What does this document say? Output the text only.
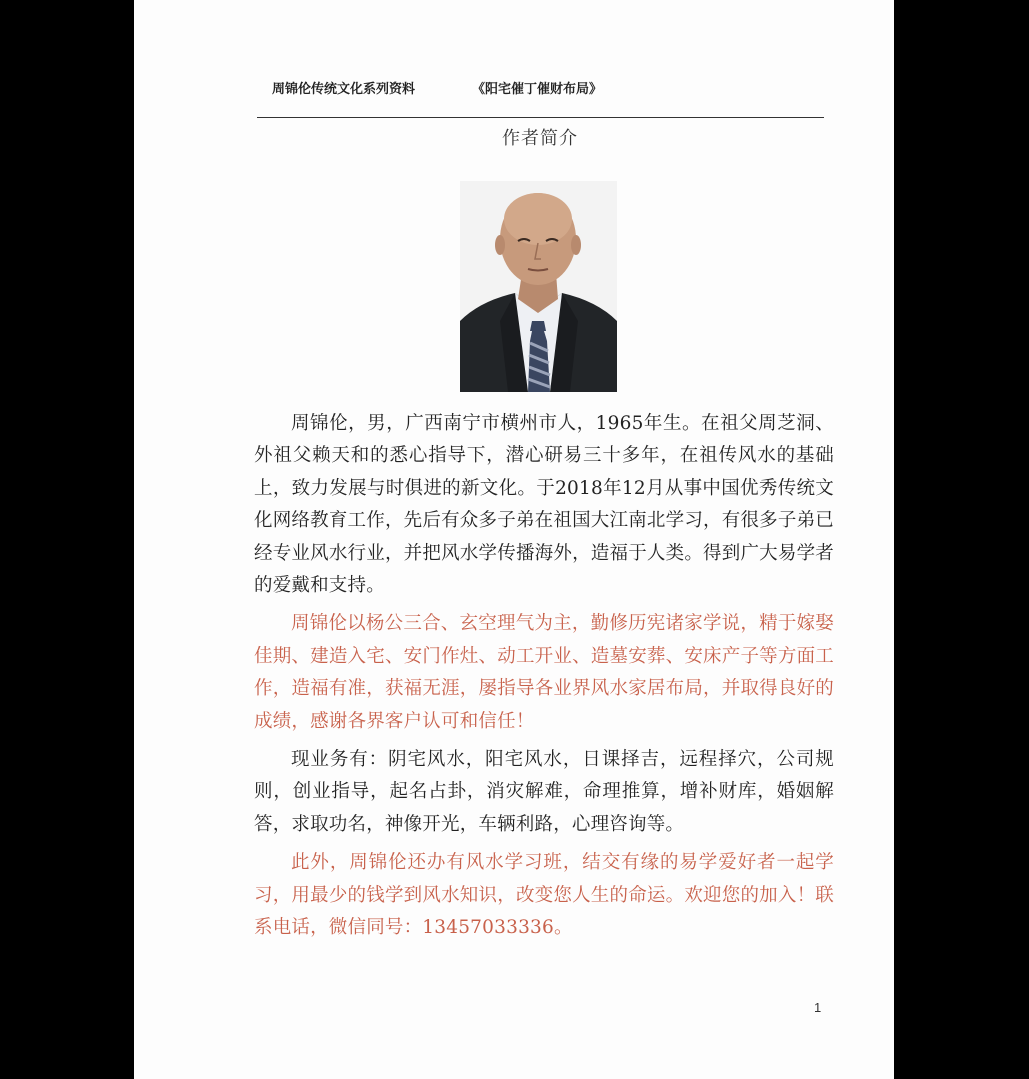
周锦伦传统文化系列资料	《阳宅催丁催财布局》
作者简介

周锦伦，男，广西南宁市横州市人，1965年生。在祖父周芝洞、外祖父赖天和的悉心指导下，潜心研易三十多年，在祖传风水的基础上，致力发展与时俱进的新文化。于2018年12月从事中国优秀传统文化网络教育工作，先后有众多子弟在祖国大江南北学习，有很多子弟已经专业风水行业，并把风水学传播海外，造福于人类。得到广大易学者的爱戴和支持。

周锦伦以杨公三合、玄空理气为主，勤修历宪诸家学说，精于嫁娶佳期、建造入宅、安门作灶、动工开业、造墓安葬、安床产子等方面工作，造福有准，获福无涯，屡指导各业界风水家居布局，并取得良好的成绩，感谢各界客户认可和信任！

现业务有：阴宅风水，阳宅风水，日课择吉，远程择穴，公司规则，创业指导，起名占卦，消灾解难，命理推算，增补财库，婚姻解答，求取功名，神像开光，车辆利路，心理咨询等。

此外，周锦伦还办有风水学习班，结交有缘的易学爱好者一起学习，用最少的钱学到风水知识，改变您人生的命运。欢迎您的加入！联系电话，微信同号：13457033336。

1
